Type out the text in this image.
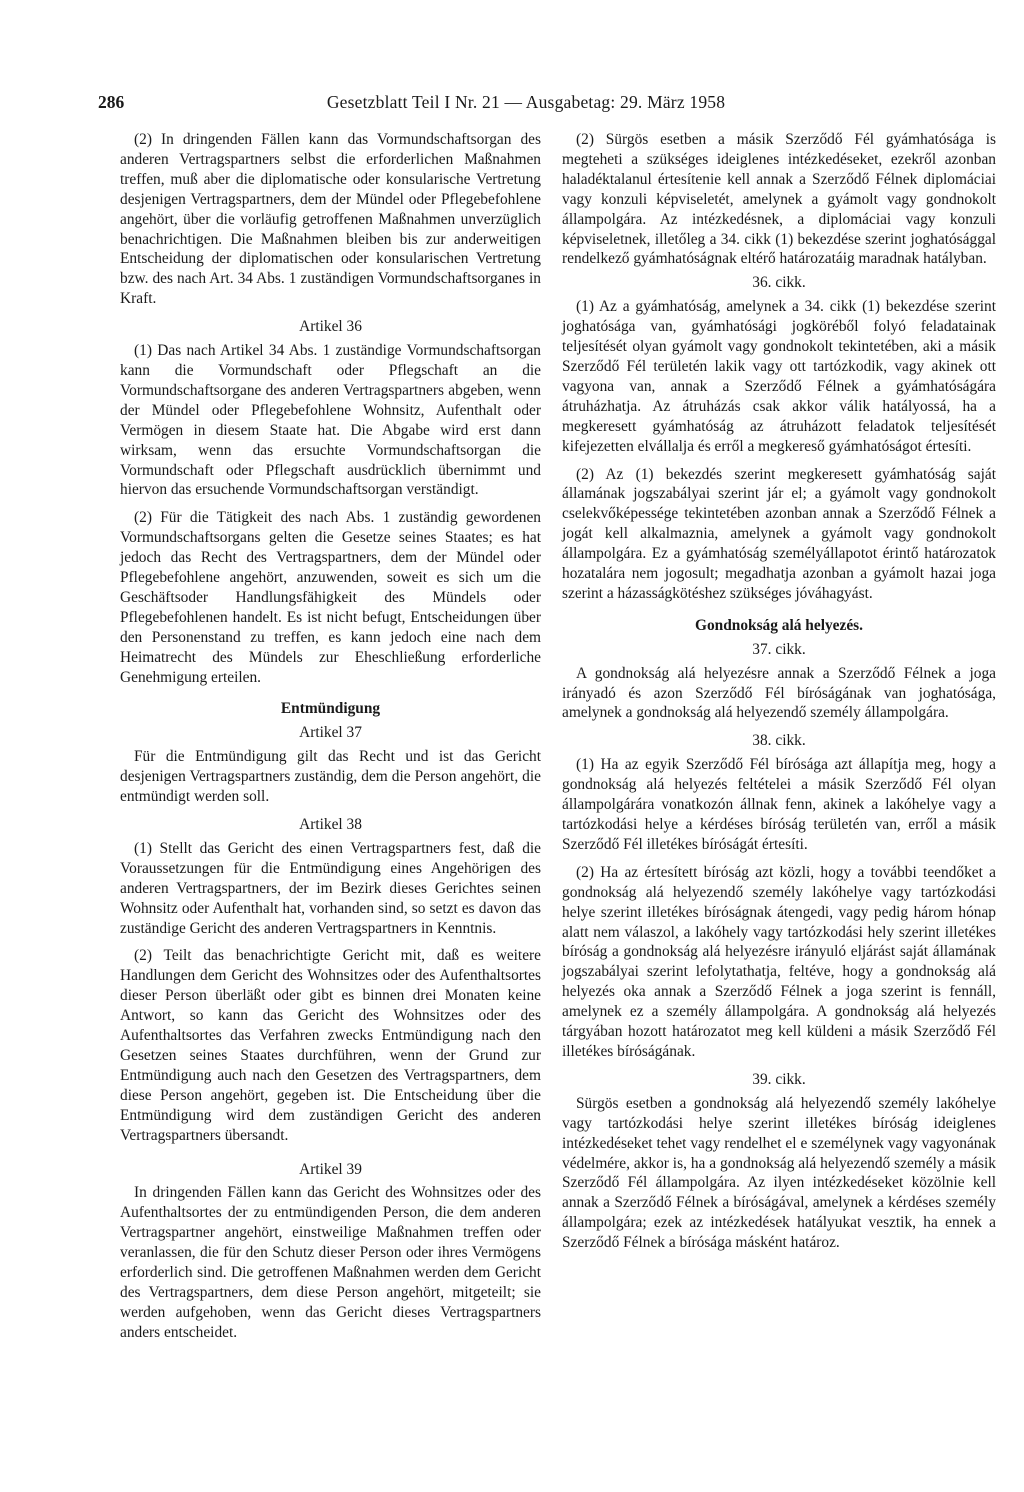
286	Gesetzblatt Teil I Nr. 21 — Ausgabetag: 29. März 1958

(2) In dringenden Fällen kann das Vormundschaftsorgan des anderen Vertragspartners selbst die erforderlichen Maßnahmen treffen, muß aber die diplomatische oder konsularische Vertretung desjenigen Vertragspartners, dem der Mündel oder Pflegebefohlene angehört, über die vorläufig getroffenen Maßnahmen unverzüglich benachrichtigen. Die Maßnahmen bleiben bis zur anderweitigen Entscheidung der diplomatischen oder konsularischen Vertretung bzw. des nach Art. 34 Abs. 1 zuständigen Vormundschaftsorganes in Kraft.

Artikel 36

(1) Das nach Artikel 34 Abs. 1 zuständige Vormundschaftsorgan kann die Vormundschaft oder Pflegschaft an die Vormundschaftsorgane des anderen Vertragspartners abgeben, wenn der Mündel oder Pflegebefohlene Wohnsitz, Aufenthalt oder Vermögen in diesem Staate hat. Die Abgabe wird erst dann wirksam, wenn das ersuchte Vormundschaftsorgan die Vormundschaft oder Pflegschaft ausdrücklich übernimmt und hiervon das ersuchende Vormundschaftsorgan verständigt.

(2) Für die Tätigkeit des nach Abs. 1 zuständig gewordenen Vormundschaftsorgans gelten die Gesetze seines Staates; es hat jedoch das Recht des Vertragspartners, dem der Mündel oder Pflegebefohlene angehört, anzuwenden, soweit es sich um die Geschäftsoder Handlungsfähigkeit des Mündels oder Pflegebefohlenen handelt. Es ist nicht befugt, Entscheidungen über den Personenstand zu treffen, es kann jedoch eine nach dem Heimatrecht des Mündels zur Eheschließung erforderliche Genehmigung erteilen.

Entmündigung
Artikel 37

Für die Entmündigung gilt das Recht und ist das Gericht desjenigen Vertragspartners zuständig, dem die Person angehört, die entmündigt werden soll.

Artikel 38

(1) Stellt das Gericht des einen Vertragspartners fest, daß die Voraussetzungen für die Entmündigung eines Angehörigen des anderen Vertragspartners, der im Bezirk dieses Gerichtes seinen Wohnsitz oder Aufenthalt hat, vorhanden sind, so setzt es davon das zuständige Gericht des anderen Vertragspartners in Kenntnis.

(2) Teilt das benachrichtigte Gericht mit, daß es weitere Handlungen dem Gericht des Wohnsitzes oder des Aufenthaltsortes dieser Person überläßt oder gibt es binnen drei Monaten keine Antwort, so kann das Gericht des Wohnsitzes oder des Aufenthaltsortes das Verfahren zwecks Entmündigung nach den Gesetzen seines Staates durchführen, wenn der Grund zur Entmündigung auch nach den Gesetzen des Vertragspartners, dem diese Person angehört, gegeben ist. Die Entscheidung über die Entmündigung wird dem zuständigen Gericht des anderen Vertragspartners übersandt.

Artikel 39

In dringenden Fällen kann das Gericht des Wohnsitzes oder des Aufenthaltsortes der zu entmündigenden Person, die dem anderen Vertragspartner angehört, einstweilige Maßnahmen treffen oder veranlassen, die für den Schutz dieser Person oder ihres Vermögens erforderlich sind. Die getroffenen Maßnahmen werden dem Gericht des Vertragspartners, dem diese Person angehört, mitgeteilt; sie werden aufgehoben, wenn das Gericht dieses Vertragspartners anders entscheidet.

(2) Sürgös esetben a másik Szerződő Fél gyámhatósága is megteheti a szükséges ideiglenes intézkedéseket, ezekről azonban haladéktalanul értesítenie kell annak a Szerződő Félnek diplomáciai vagy konzuli képviseletét, amelynek a gyámolt vagy gondnokolt állampolgára. Az intézkedésnek, a diplomáciai vagy konzuli képviseletnek, illetőleg a 34. cikk (1) bekezdése szerint joghatósággal rendelkező gyámhatóságnak eltérő határozatáig maradnak hatályban.

36. cikk.

(1) Az a gyámhatóság, amelynek a 34. cikk (1) bekezdése szerint joghatósága van, gyámhatósági jogköréből folyó feladatainak teljesítését olyan gyámolt vagy gondnokolt tekintetében, aki a másik Szerződő Fél területén lakik vagy ott tartózkodik, vagy akinek ott vagyona van, annak a Szerződő Félnek a gyámhatóságára átruházhatja. Az átruházás csak akkor válik hatályossá, ha a megkeresett gyámhatóság az átruházott feladatok teljesítését kifejezetten elvállalja és erről a megkereső gyámhatóságot értesíti.

(2) Az (1) bekezdés szerint megkeresett gyámhatóság saját államának jogszabályai szerint jár el; a gyámolt vagy gondnokolt cselekvőképessége tekintetében azonban annak a Szerződő Félnek a jogát kell alkalmaznia, amelynek a gyámolt vagy gondnokolt állampolgára. Ez a gyámhatóság személyállapotot érintő határozatok hozatalára nem jogosult; megadhatja azonban a gyámolt hazai joga szerint a házasságkötéshez szükséges jóváhagyást.

Gondnokság alá helyezés.
37. cikk.

A gondnokság alá helyezésre annak a Szerződő Félnek a joga irányadó és azon Szerződő Fél bíróságának van joghatósága, amelynek a gondnokság alá helyezendő személy állampolgára.

38. cikk.

(1) Ha az egyik Szerződő Fél bírósága azt állapítja meg, hogy a gondnokság alá helyezés feltételei a másik Szerződő Fél olyan állampolgárára vonatkozón állnak fenn, akinek a lakóhelye vagy a tartózkodási helye a kérdéses bíróság területén van, erről a másik Szerződő Fél illetékes bíróságát értesíti.

(2) Ha az értesített bíróság azt közli, hogy a további teendőket a gondnokság alá helyezendő személy lakóhelye vagy tartózkodási helye szerint illetékes bíróságnak átengedi, vagy pedig három hónap alatt nem válaszol, a lakóhely vagy tartózkodási hely szerint illetékes bíróság a gondnokság alá helyezésre irányuló eljárást saját államának jogszabályai szerint lefolytathatja, feltéve, hogy a gondnokság alá helyezés oka annak a Szerződő Félnek a joga szerint is fennáll, amelynek ez a személy állampolgára. A gondnokság alá helyezés tárgyában hozott határozatot meg kell küldeni a másik Szerződő Fél illetékes bíróságának.

39. cikk.

Sürgös esetben a gondnokság alá helyezendő személy lakóhelye vagy tartózkodási helye szerint illetékes bíróság ideiglenes intézkedéseket tehet vagy rendelhet el e személynek vagy vagyonának védelmére, akkor is, ha a gondnokság alá helyezendő személy a másik Szerződő Fél állampolgára. Az ilyen intézkedéseket közölnie kell annak a Szerződő Félnek a bíróságával, amelynek a kérdéses személy állampolgára; ezek az intézkedések hatályukat vesztik, ha ennek a Szerződő Félnek a bírósága másként határoz.
